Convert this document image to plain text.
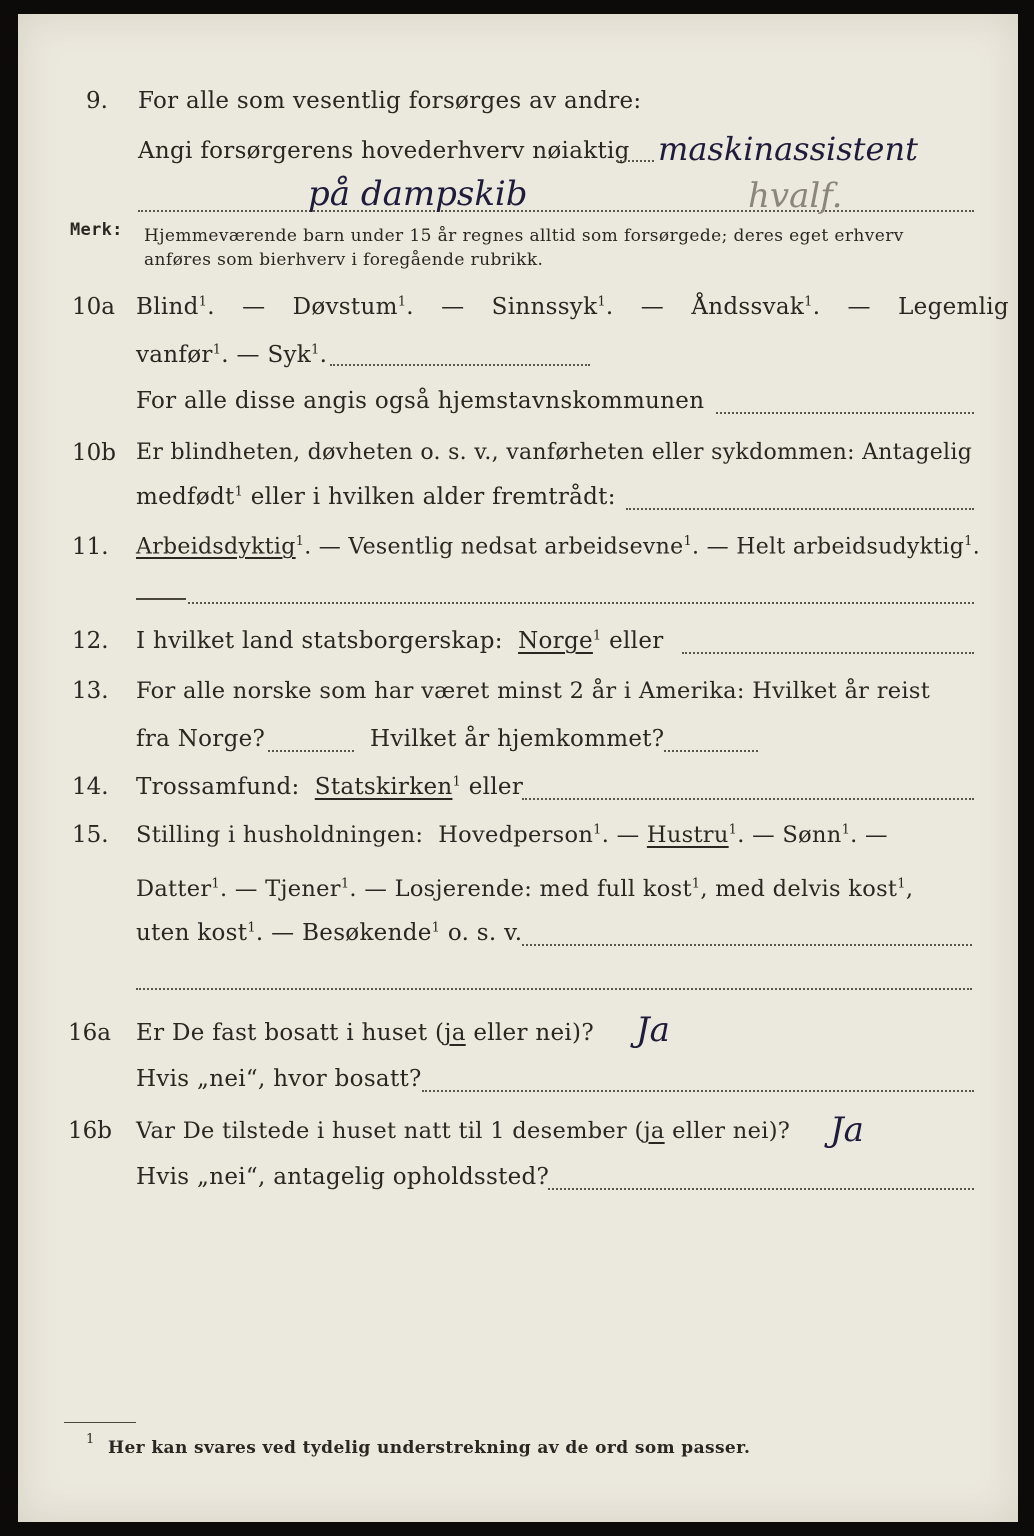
9. For alle som vesentlig forsørges av andre:
Angi forsørgerens hovederhverv nøiaktig maskinassistent
på dampskib	hvalf.
Merk: Hjemmeværende barn under 15 år regnes alltid som forsørgede; deres eget erhverv
anføres som bierhverv i foregående rubrikk.
10a Blind$^1$.  — Døvstum$^1$.  — Sinnssyk$^1$.  — Åndssvak$^1$.  — Legemlig
vanfør$^1$. — Syk$^1$.
For alle disse angis også hjemstavnskommunen
10b Er blindheten, døvheten o. s. v., vanførheten eller sykdommen: Antagelig
medfødt$^1$ eller i hvilken alder fremtrådt:
11. Arbeidsdyktig$^1$. — Vesentlig nedsat arbeidsevne$^1$. — Helt arbeidsudyktig$^1$.
12. I hvilket land statsborgerskap: Norge$^1$ eller
13. For alle norske som har været minst 2 år i Amerika: Hvilket år reist
fra Norge?	Hvilket år hjemkommet?
14. Trossamfund: Statskirken$^1$ eller
15. Stilling i husholdningen: Hovedperson$^1$. — Hustru$^1$. — Sønn$^1$. —
Datter$^1$. — Tjener$^1$. — Losjerende: med full kost$^1$, med delvis kost$^1$,
uten kost$^1$. — Besøkende$^1$ o. s. v.
16a Er De fast bosatt i huset (ja eller nei)? Ja
Hvis „nei“, hvor bosatt?
16b Var De tilstede i huset natt til 1 desember (ja eller nei)? Ja
Hvis „nei“, antagelig opholdssted?
1 Her kan svares ved tydelig understrekning av de ord som passer.
